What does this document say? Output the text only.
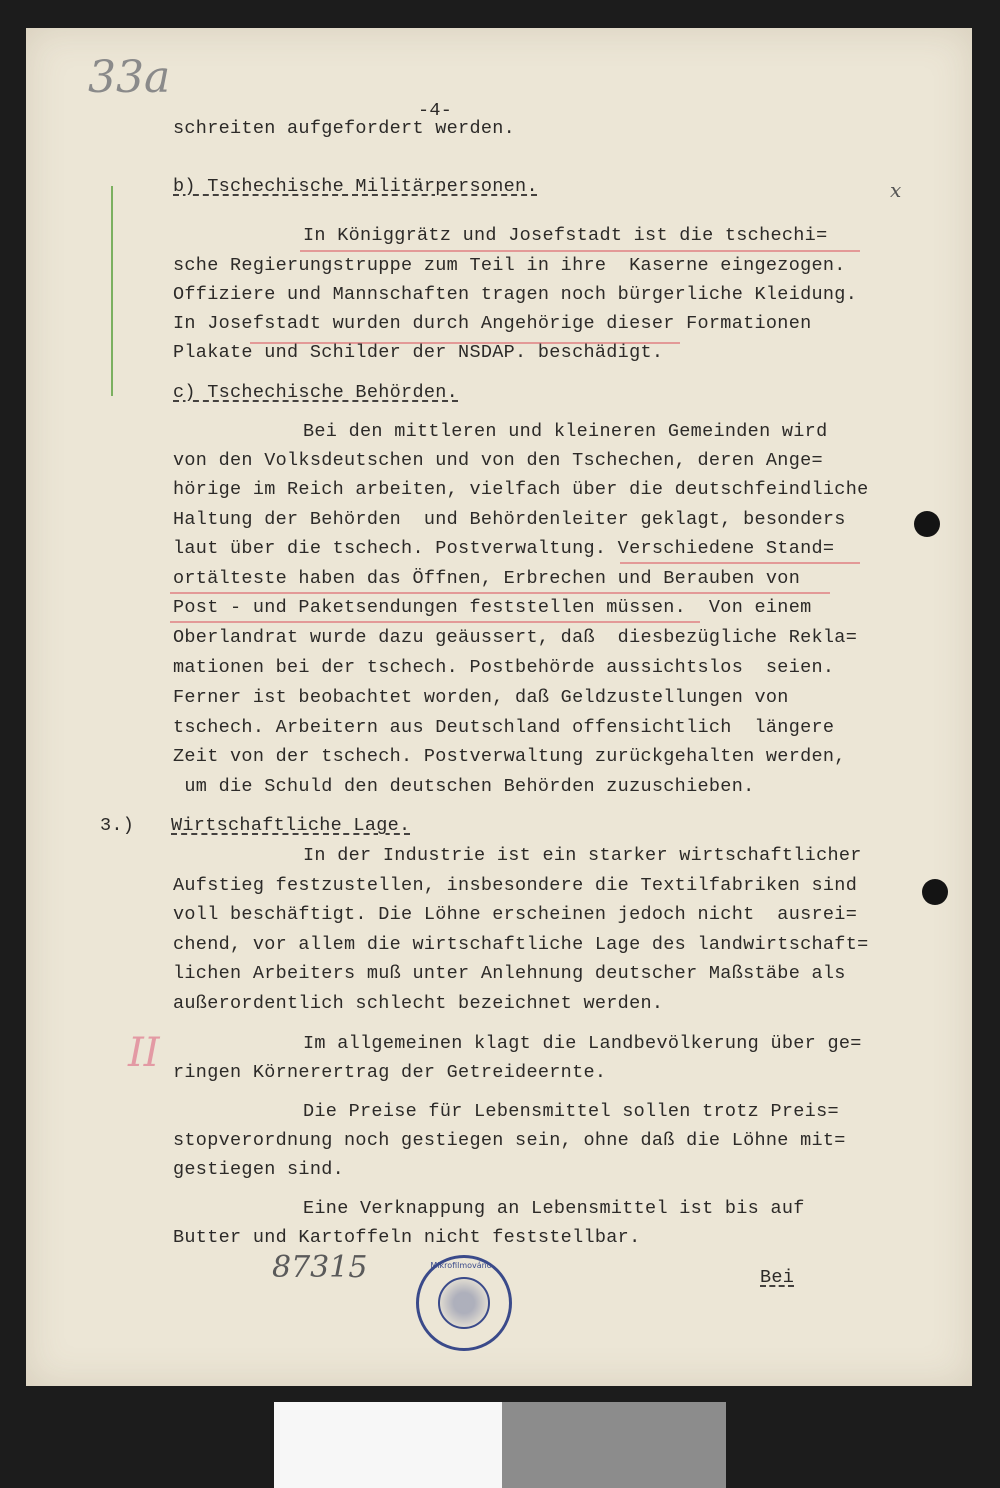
33a
II
x
-4-
schreiten aufgefordert werden.
b) Tschechische Militärpersonen.
In Königgrätz und Josefstadt ist die tschechi=
sche Regierungstruppe zum Teil in ihre  Kaserne eingezogen.
Offiziere und Mannschaften tragen noch bürgerliche Kleidung.
In Josefstadt wurden durch Angehörige dieser Formationen
Plakate und Schilder der NSDAP. beschädigt.
c) Tschechische Behörden.
Bei den mittleren und kleineren Gemeinden wird
von den Volksdeutschen und von den Tschechen, deren Ange=
hörige im Reich arbeiten, vielfach über die deutschfeindliche
Haltung der Behörden  und Behördenleiter geklagt, besonders
laut über die tschech. Postverwaltung. Verschiedene Stand=
ortälteste haben das Öffnen, Erbrechen und Berauben von
Post - und Paketsendungen feststellen müssen.  Von einem
Oberlandrat wurde dazu geäussert, daß  diesbezügliche Rekla=
mationen bei der tschech. Postbehörde aussichtslos  seien.
Ferner ist beobachtet worden, daß Geldzustellungen von
tschech. Arbeitern aus Deutschland offensichtlich  längere
Zeit von der tschech. Postverwaltung zurückgehalten werden,
um die Schuld den deutschen Behörden zuzuschieben.
3.) Wirtschaftliche Lage.
In der Industrie ist ein starker wirtschaftlicher
Aufstieg festzustellen, insbesondere die Textilfabriken sind
voll beschäftigt. Die Löhne erscheinen jedoch nicht  ausrei=
chend, vor allem die wirtschaftliche Lage des landwirtschaft=
lichen Arbeiters muß unter Anlehnung deutscher Maßstäbe als
außerordentlich schlecht bezeichnet werden.
Im allgemeinen klagt die Landbevölkerung über ge=
ringen Körnerertrag der Getreideernte.
Die Preise für Lebensmittel sollen trotz Preis=
stopverordnung noch gestiegen sein, ohne daß die Löhne mit=
gestiegen sind.
Eine Verknappung an Lebensmittel ist bis auf
Butter und Kartoffeln nicht feststellbar.
Bei
87315	Mikrofilmováno
